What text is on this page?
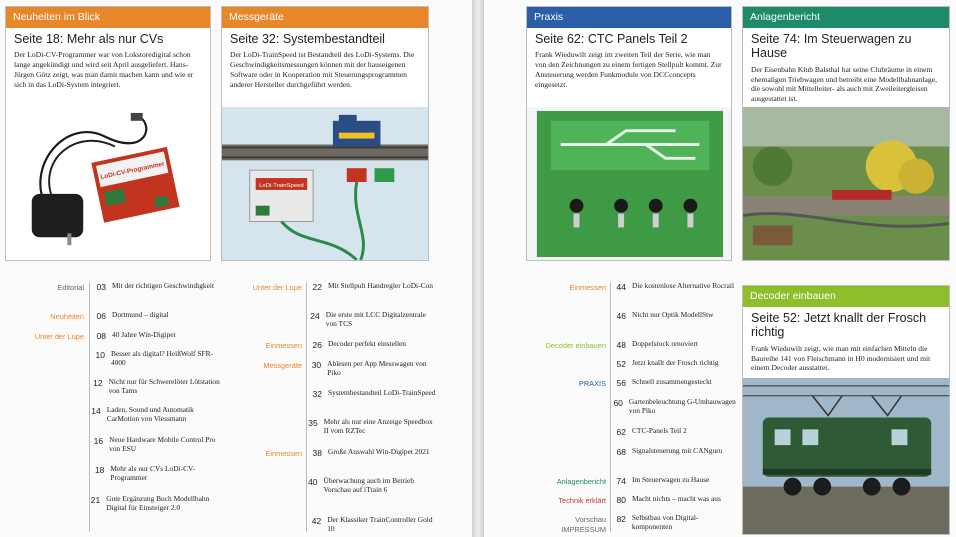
Neuheiten im Blick
Seite 18: Mehr als nur CVs
Der LoDi-CV-Programmer war von Lokstoredigital schon lange angekündigt und wird seit April ausgeliefert. Hans-Jürgen Götz zeigt, was man damit machen kann und wie er sich in das LoDi-System integriert.
LoDi-CV-Programmer
Messgeräte
Seite 32: Systembestandteil
Der LoDi-TrainSpeed ist Bestandteil des LoDi-Systems. Die Geschwindigkeitsmessungen können mit der hauseigenen Software oder in Kooperation mit Steuerungsprogrammen anderer Hersteller durchgeführt werden.
LoDi-TrainSpeed
Editorial
Neuheiten
Unter der Lupe
03 Mit der richtigen Geschwindigkeit
06 Dortmund – digital
08 40 Jahre Win-Digipet
10 Besser als digital? HeißWolf SFR-4000
12 Nicht nur für Schwerelöter Lötstation von Tams
14 Laden, Sound und Automatik CarMotion von Viessmann
16 Neue Hardware Mobile Control Pro von ESU
18 Mehr als nur CVs LoDi-CV-Programmer
21 Gute Ergänzung Buch Modellbahn Digital für Einsteiger 2.0
Unter der Lupe
Einmessen
Messgeräte
Einmessen
22 Mit Stellpult Handregler LoDi-Con
24 Die erste mit LCC Digitalzentrale von TCS
26 Decoder perfekt einstellen
30 Ablesen per App Messwagen von Piko
32 Systembestandteil LoDi-TrainSpeed
35 Mehr als nur eine Anzeige Speedbox II vom RZTec
38 Große Auswahl Win-Digipet 2021
40 Überwachung auch im Betrieb Vorschau auf iTrain 6
42 Der Klassiker TrainController Gold 10
Praxis
Seite 62: CTC Panels Teil 2
Frank Wieduwilt zeigt im zweiten Teil der Serie, wie man von den Zeichnungen zu einem fertigen Stellpult kommt. Zur Ansteuerung werden Funkmodule von DCCconcepts eingesetzt.
Anlagenbericht
Seite 74: Im Steuerwagen zu Hause
Der Eisenbahn Klub Balsthal hat seine Clubräume in einem ehemaligen Triebwagen und betreibt eine Modellbahnanlage, die sowohl mit Mittelleiter- als auch mit Zweileitergleisen ausgestattet ist.
Decoder einbauen
Seite 52: Jetzt knallt der Frosch richtig
Frank Wieduwilt zeigt, wie man mit einfachen Mitteln die Baureihe 141 von Fleischmann in H0 modernisiert und mit einem Decoder ausstattet.
Einmessen
Decoder einbauen
PRAXIS
Anlagenbericht
Technik erklärt
Vorschau
IMPRESSUM
44 Die kostenlose Alternative Rocrail
46 Nicht nur Optik ModellStw
48 Doppelstock renoviert
52 Jetzt knallt der Frosch richtig
56 Schnell zusammengesteckt
60 Gartenbeleuchtung G-Umbauwagen von Piko
62 CTC-Panels Teil 2
68 Signalsteuerung mit CANguru
74 Im Steuerwagen zu Hause
80 Macht nichts – macht was aus
82 Selbstbau von Digital-komponenten
